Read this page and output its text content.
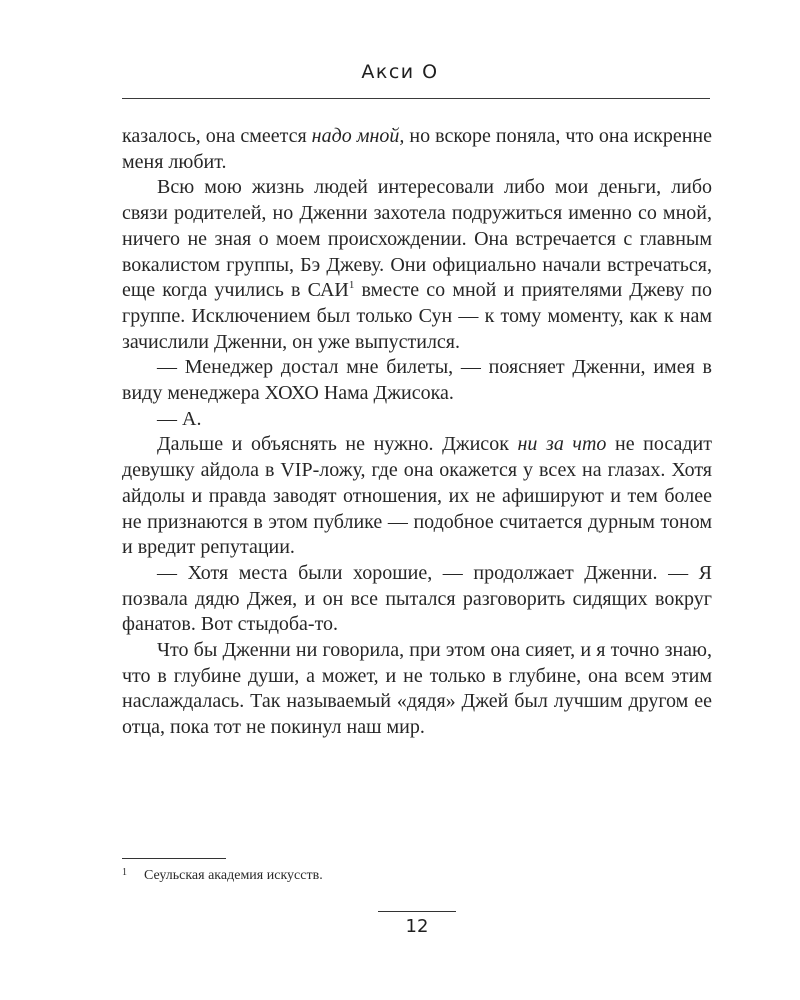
Акси О

казалось, она смеется надо мной, но вскоре поняла, что она искренне меня любит.

Всю мою жизнь людей интересовали либо мои деньги, либо связи родителей, но Дженни захотела подружиться именно со мной, ничего не зная о моем происхождении. Она встречается с главным вокалистом группы, Бэ Джеву. Они официально начали встречаться, еще когда учились в САИ$^1$ вместе со мной и приятелями Джеву по группе. Исключением был только Сун — к тому моменту, как к нам зачислили Дженни, он уже выпустился.

— Менеджер достал мне билеты, — поясняет Дженни, имея в виду менеджера ХОХО Нама Джисока.

— А.

Дальше и объяснять не нужно. Джисок ни за что не посадит девушку айдола в VIP-ложу, где она окажется у всех на глазах. Хотя айдолы и правда заводят отношения, их не афишируют и тем более не признаются в этом публике — подобное считается дурным тоном и вредит репутации.

— Хотя места были хорошие, — продолжает Дженни. — Я позвала дядю Джея, и он все пытался разговорить сидящих вокруг фанатов. Вот стыдоба-то.

Что бы Дженни ни говорила, при этом она сияет, и я точно знаю, что в глубине души, а может, и не только в глубине, она всем этим наслаждалась. Так называемый «дядя» Джей был лучшим другом ее отца, пока тот не покинул наш мир.

1 Сеульская академия искусств.
12
